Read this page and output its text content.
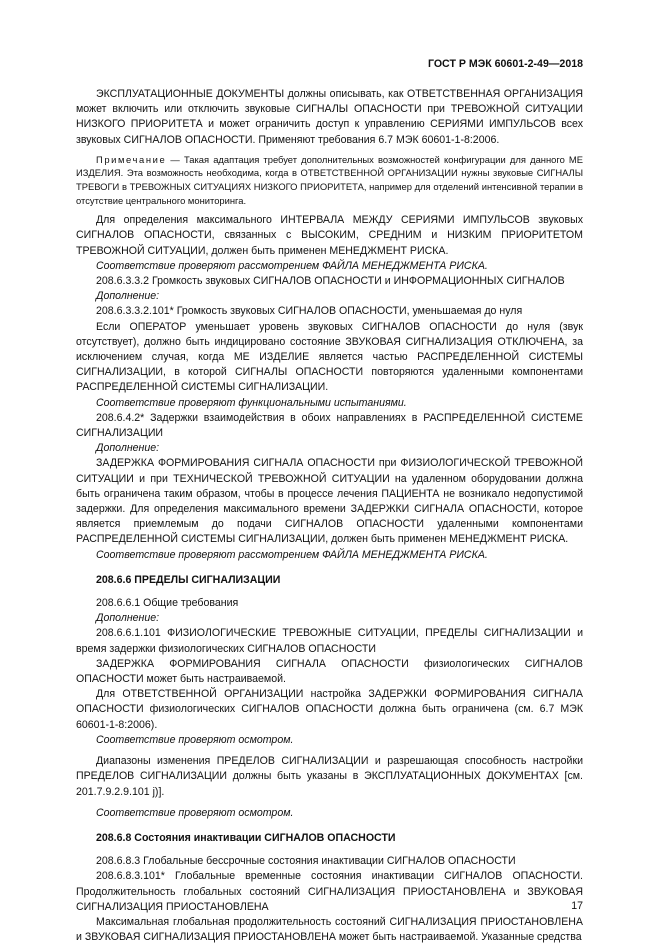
ГОСТ Р МЭК 60601-2-49—2018

ЭКСПЛУАТАЦИОННЫЕ ДОКУМЕНТЫ должны описывать, как ОТВЕТСТВЕННАЯ ОРГАНИЗАЦИЯ может включить или отключить звуковые СИГНАЛЫ ОПАСНОСТИ при ТРЕВОЖНОЙ СИТУАЦИИ НИЗКОГО ПРИОРИТЕТА и может ограничить доступ к управлению СЕРИЯМИ ИМПУЛЬСОВ всех звуковых СИГНАЛОВ ОПАСНОСТИ. Применяют требования 6.7 МЭК 60601-1-8:2006.

Примечание — Такая адаптация требует дополнительных возможностей конфигурации для данного МЕ ИЗДЕЛИЯ. Эта возможность необходима, когда в ОТВЕТСТВЕННОЙ ОРГАНИЗАЦИИ нужны звуковые СИГНАЛЫ ТРЕВОГИ в ТРЕВОЖНЫХ СИТУАЦИЯХ НИЗКОГО ПРИОРИТЕТА, например для отделений интенсивной терапии в отсутствие центрального мониторинга.

Для определения максимального ИНТЕРВАЛА МЕЖДУ СЕРИЯМИ ИМПУЛЬСОВ звуковых СИГНАЛОВ ОПАСНОСТИ, связанных с ВЫСОКИМ, СРЕДНИМ и НИЗКИМ ПРИОРИТЕТОМ ТРЕВОЖНОЙ СИТУАЦИИ, должен быть применен МЕНЕДЖМЕНТ РИСКА.

Соответствие проверяют рассмотрением ФАЙЛА МЕНЕДЖМЕНТА РИСКА.

208.6.3.3.2 Громкость звуковых СИГНАЛОВ ОПАСНОСТИ и ИНФОРМАЦИОННЫХ СИГНАЛОВ

Дополнение:

208.6.3.3.2.101* Громкость звуковых СИГНАЛОВ ОПАСНОСТИ, уменьшаемая до нуля

Если ОПЕРАТОР уменьшает уровень звуковых СИГНАЛОВ ОПАСНОСТИ до нуля (звук отсутствует), должно быть индицировано состояние ЗВУКОВАЯ СИГНАЛИЗАЦИЯ ОТКЛЮЧЕНА, за исключением случая, когда МЕ ИЗДЕЛИЕ является частью РАСПРЕДЕЛЕННОЙ СИСТЕМЫ СИГНАЛИЗАЦИИ, в которой СИГНАЛЫ ОПАСНОСТИ повторяются удаленными компонентами РАСПРЕДЕЛЕННОЙ СИСТЕМЫ СИГНАЛИЗАЦИИ.

Соответствие проверяют функциональными испытаниями.

208.6.4.2* Задержки взаимодействия в обоих направлениях в РАСПРЕДЕЛЕННОЙ СИСТЕМЕ СИГНАЛИЗАЦИИ

Дополнение:

ЗАДЕРЖКА ФОРМИРОВАНИЯ СИГНАЛА ОПАСНОСТИ при ФИЗИОЛОГИЧЕСКОЙ ТРЕВОЖНОЙ СИТУАЦИИ и при ТЕХНИЧЕСКОЙ ТРЕВОЖНОЙ СИТУАЦИИ на удаленном оборудовании должна быть ограничена таким образом, чтобы в процессе лечения ПАЦИЕНТА не возникало недопустимой задержки. Для определения максимального времени ЗАДЕРЖКИ СИГНАЛА ОПАСНОСТИ, которое является приемлемым до подачи СИГНАЛОВ ОПАСНОСТИ удаленными компонентами РАСПРЕДЕЛЕННОЙ СИСТЕМЫ СИГНАЛИЗАЦИИ, должен быть применен МЕНЕДЖМЕНТ РИСКА.

Соответствие проверяют рассмотрением ФАЙЛА МЕНЕДЖМЕНТА РИСКА.

208.6.6 ПРЕДЕЛЫ СИГНАЛИЗАЦИИ

208.6.6.1 Общие требования

Дополнение:

208.6.6.1.101 ФИЗИОЛОГИЧЕСКИЕ ТРЕВОЖНЫЕ СИТУАЦИИ, ПРЕДЕЛЫ СИГНАЛИЗАЦИИ и время задержки физиологических СИГНАЛОВ ОПАСНОСТИ

ЗАДЕРЖКА ФОРМИРОВАНИЯ СИГНАЛА ОПАСНОСТИ физиологических СИГНАЛОВ ОПАСНОСТИ может быть настраиваемой.

Для ОТВЕТСТВЕННОЙ ОРГАНИЗАЦИИ настройка ЗАДЕРЖКИ ФОРМИРОВАНИЯ СИГНАЛА ОПАСНОСТИ физиологических СИГНАЛОВ ОПАСНОСТИ должна быть ограничена (см. 6.7 МЭК 60601-1-8:2006).

Соответствие проверяют осмотром.

Диапазоны изменения ПРЕДЕЛОВ СИГНАЛИЗАЦИИ и разрешающая способность настройки ПРЕДЕЛОВ СИГНАЛИЗАЦИИ должны быть указаны в ЭКСПЛУАТАЦИОННЫХ ДОКУМЕНТАХ [см. 201.7.9.2.9.101 j)].

Соответствие проверяют осмотром.

208.6.8 Состояния инактивации СИГНАЛОВ ОПАСНОСТИ

208.6.8.3 Глобальные бессрочные состояния инактивации СИГНАЛОВ ОПАСНОСТИ

208.6.8.3.101* Глобальные временные состояния инактивации СИГНАЛОВ ОПАСНОСТИ. Продолжительность глобальных состояний СИГНАЛИЗАЦИЯ ПРИОСТАНОВЛЕНА и ЗВУКОВАЯ СИГНАЛИЗАЦИЯ ПРИОСТАНОВЛЕНА

Максимальная глобальная продолжительность состояний СИГНАЛИЗАЦИЯ ПРИОСТАНОВЛЕНА и ЗВУКОВАЯ СИГНАЛИЗАЦИЯ ПРИОСТАНОВЛЕНА может быть настраиваемой. Указанные средства

17
